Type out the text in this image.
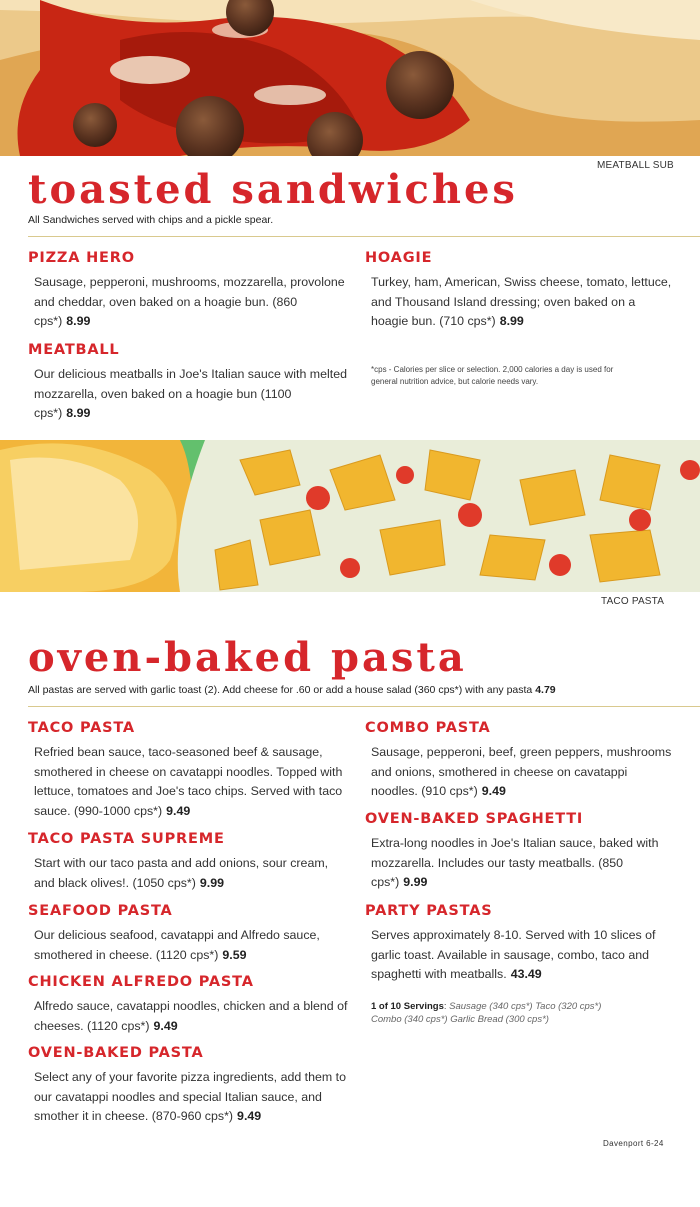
MEATBALL SUB
toasted sandwiches
All Sandwiches served with chips and a pickle spear.
PIZZA HERO
Sausage, pepperoni, mushrooms, mozzarella, provolone and cheddar, oven baked on a hoagie bun. (860 cps*) 8.99
MEATBALL
Our delicious meatballs in Joe's Italian sauce with melted mozzarella, oven baked on a hoagie bun (1100 cps*) 8.99
HOAGIE
Turkey, ham, American, Swiss cheese, tomato, lettuce, and Thousand Island dressing; oven baked on a hoagie bun. (710 cps*) 8.99
*cps - Calories per slice or selection. 2,000 calories a day is used for general nutrition advice, but calorie needs vary.
TACO PASTA
oven-baked pasta
All pastas are served with garlic toast (2). Add cheese for .60 or add a house salad (360 cps*) with any pasta 4.79
TACO PASTA
Refried bean sauce, taco-seasoned beef & sausage, smothered in cheese on cavatappi noodles. Topped with lettuce, tomatoes and Joe's taco chips. Served with taco sauce. (990-1000 cps*) 9.49
TACO PASTA SUPREME
Start with our taco pasta and add onions, sour cream, and black olives!. (1050 cps*) 9.99
SEAFOOD PASTA
Our delicious seafood, cavatappi and Alfredo sauce, smothered in cheese. (1120 cps*) 9.59
CHICKEN ALFREDO PASTA
Alfredo sauce, cavatappi noodles, chicken and a blend of cheeses. (1120 cps*) 9.49
OVEN-BAKED PASTA
Select any of your favorite pizza ingredients, add them to our cavatappi noodles and special Italian sauce, and smother it in cheese. (870-960 cps*) 9.49
COMBO PASTA
Sausage, pepperoni, beef, green peppers, mushrooms and onions, smothered in cheese on cavatappi noodles. (910 cps*) 9.49
OVEN-BAKED SPAGHETTI
Extra-long noodles in Joe's Italian sauce, baked with mozzarella. Includes our tasty meatballs. (850 cps*) 9.99
PARTY PASTAS
Serves approximately 8-10. Served with 10 slices of garlic toast. Available in sausage, combo, taco and spaghetti with meatballs. 43.49
1 of 10 Servings: Sausage (340 cps*) Taco (320 cps*) Combo (340 cps*) Garlic Bread (300 cps*)
Davenport 6-24
